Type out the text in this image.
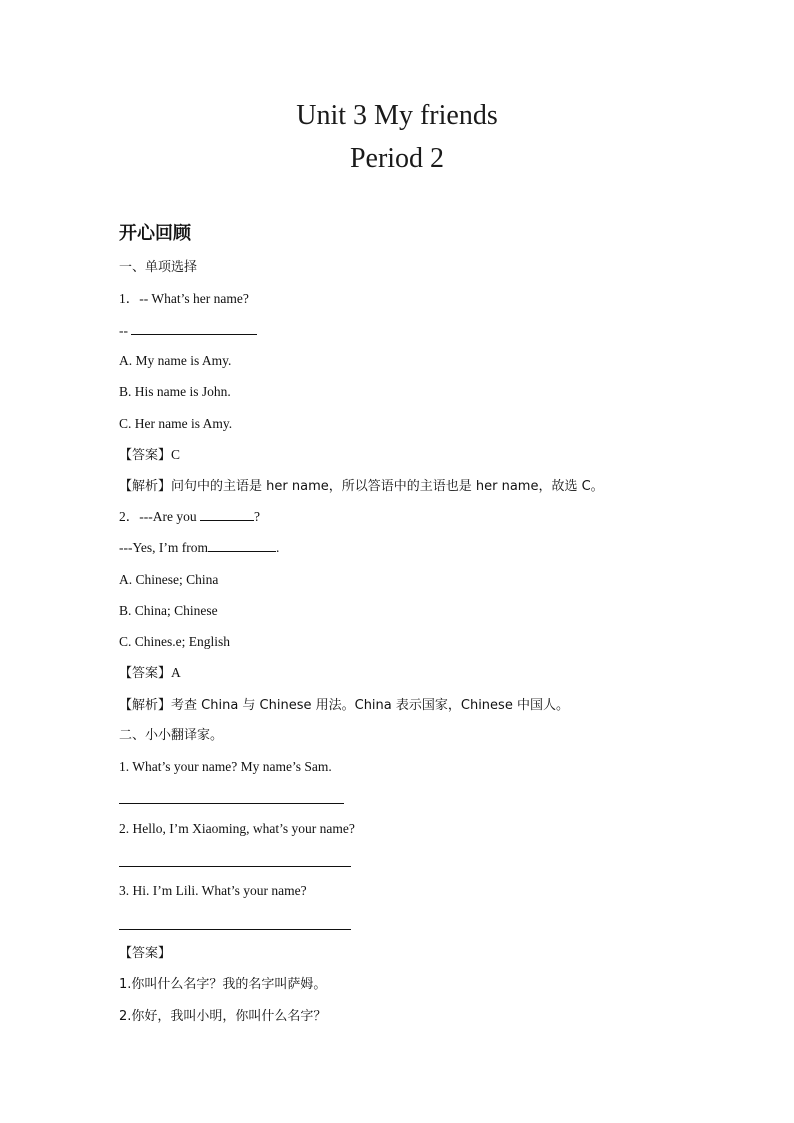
Unit 3 My friends
Period 2
开心回顾
一、单项选择
1．-- What’s her name?
--
A. My name is Amy.
B. His name is John.
C. Her name is Amy.
【答案】C
【解析】问句中的主语是 her name，所以答语中的主语也是 her name，故选 C。
2．---Are you	?
---Yes, I’m from	.
A. Chinese; China
B. China; Chinese
C. Chines.e; English
【答案】A
【解析】考查 China 与 Chinese 用法。China 表示国家，Chinese 中国人。
二、小小翻译家。
1. What’s your name? My name’s Sam.
2. Hello, I’m Xiaoming, what’s your name?
3. Hi. I’m Lili. What’s your name?
【答案】
1.你叫什么名字？我的名字叫萨姆。
2.你好，我叫小明，你叫什么名字？
